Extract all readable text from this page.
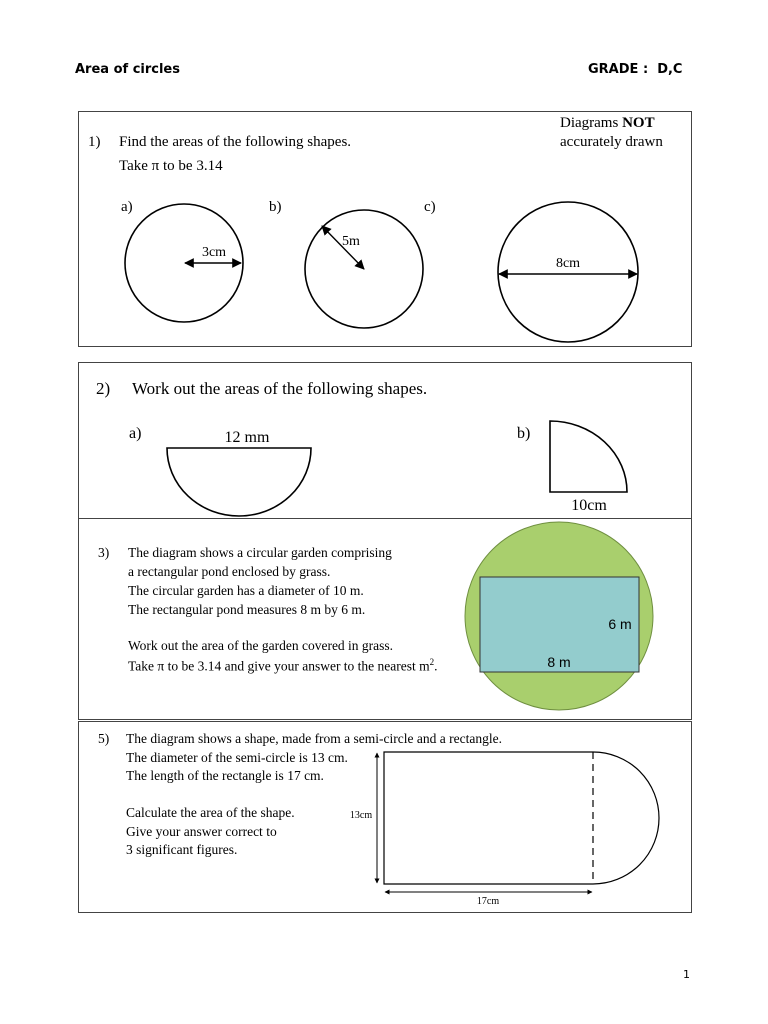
Area of circles	GRADE :  D,C
1) Find the areas of the following shapes.
Take π to be 3.14
Diagrams NOT
accurately drawn
a)	b)	c)
3cm
5m
8cm
2) Work out the areas of the following shapes.
a)	b)
12 mm
10cm
3) The diagram shows a circular garden comprising
a rectangular pond enclosed by grass.
The circular garden has a diameter of 10 m.
The rectangular pond measures 8 m by 6 m.
Work out the area of the garden covered in grass.
Take π to be 3.14 and give your answer to the nearest $m^2$.
6 m
8 m
5) The diagram shows a shape, made from a semi-circle and a rectangle.
The diameter of the semi-circle is 13 cm.
The length of the rectangle is 17 cm.
Calculate the area of the shape.
Give your answer correct to
3 significant figures.
13cm
17cm
1
